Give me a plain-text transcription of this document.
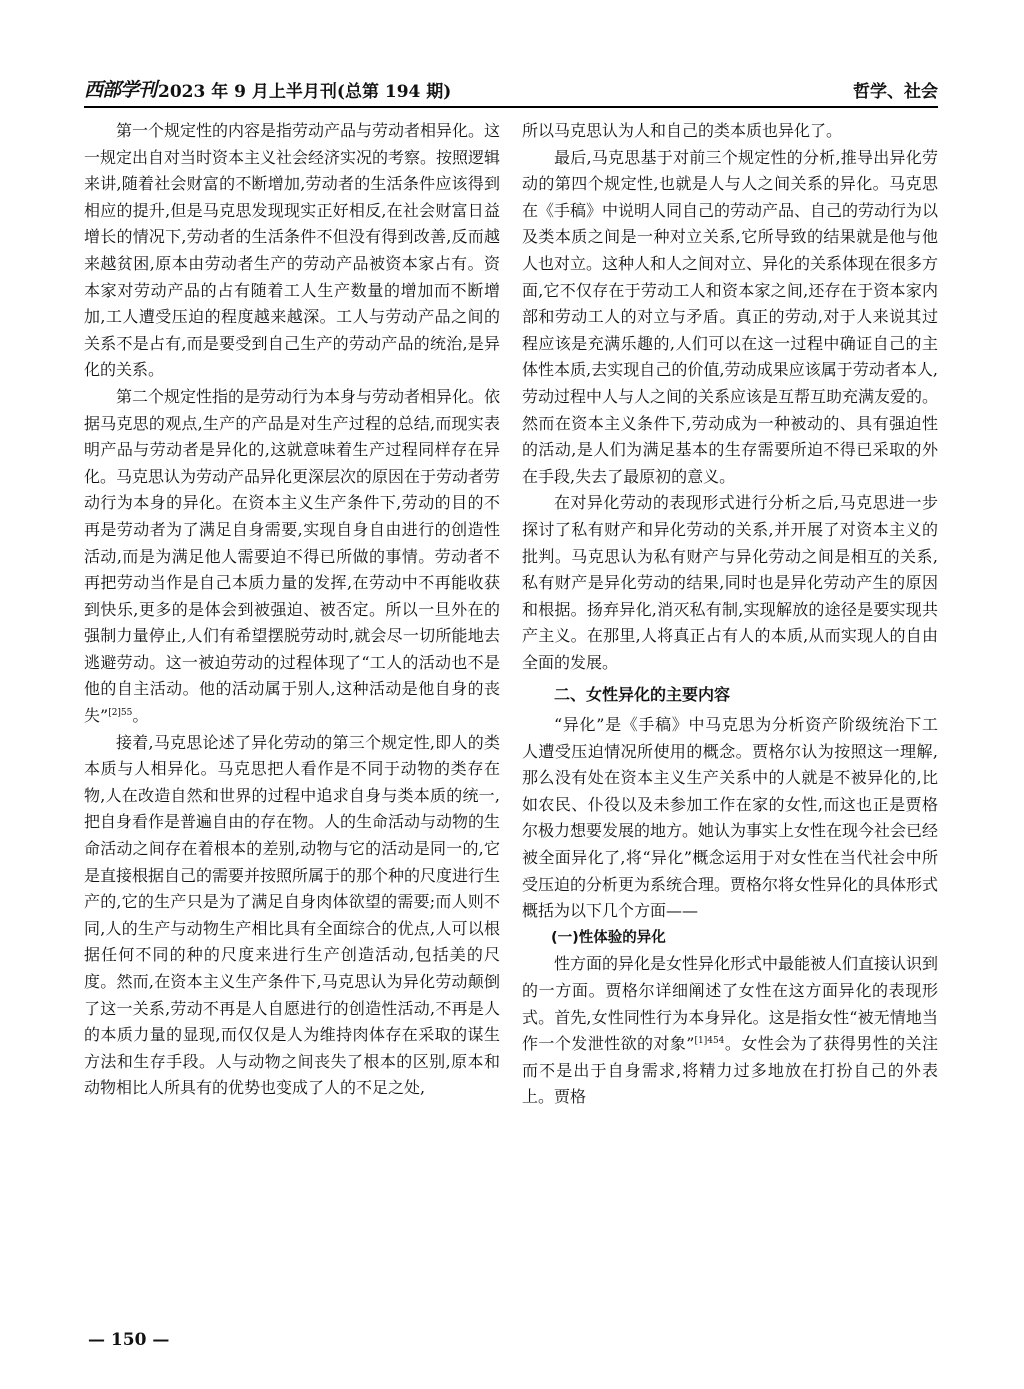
西部学刊 2023 年 9 月上半月刊(总第 194 期)	哲学、社会

第一个规定性的内容是指劳动产品与劳动者相异化。这一规定出自对当时资本主义社会经济实况的考察。按照逻辑来讲,随着社会财富的不断增加,劳动者的生活条件应该得到相应的提升,但是马克思发现现实正好相反,在社会财富日益增长的情况下,劳动者的生活条件不但没有得到改善,反而越来越贫困,原本由劳动者生产的劳动产品被资本家占有。资本家对劳动产品的占有随着工人生产数量的增加而不断增加,工人遭受压迫的程度越来越深。工人与劳动产品之间的关系不是占有,而是要受到自己生产的劳动产品的统治,是异化的关系。

第二个规定性指的是劳动行为本身与劳动者相异化。依据马克思的观点,生产的产品是对生产过程的总结,而现实表明产品与劳动者是异化的,这就意味着生产过程同样存在异化。马克思认为劳动产品异化更深层次的原因在于劳动者劳动行为本身的异化。在资本主义生产条件下,劳动的目的不再是劳动者为了满足自身需要,实现自身自由进行的创造性活动,而是为满足他人需要迫不得已所做的事情。劳动者不再把劳动当作是自己本质力量的发挥,在劳动中不再能收获到快乐,更多的是体会到被强迫、被否定。所以一旦外在的强制力量停止,人们有希望摆脱劳动时,就会尽一切所能地去逃避劳动。这一被迫劳动的过程体现了“工人的活动也不是他的自主活动。他的活动属于别人,这种活动是他自身的丧失”$^{[2]55}$。

接着,马克思论述了异化劳动的第三个规定性,即人的类本质与人相异化。马克思把人看作是不同于动物的类存在物,人在改造自然和世界的过程中追求自身与类本质的统一,把自身看作是普遍自由的存在物。人的生命活动与动物的生命活动之间存在着根本的差别,动物与它的活动是同一的,它是直接根据自己的需要并按照所属于的那个种的尺度进行生产的,它的生产只是为了满足自身肉体欲望的需要;而人则不同,人的生产与动物生产相比具有全面综合的优点,人可以根据任何不同的种的尺度来进行生产创造活动,包括美的尺度。然而,在资本主义生产条件下,马克思认为异化劳动颠倒了这一关系,劳动不再是人自愿进行的创造性活动,不再是人的本质力量的显现,而仅仅是人为维持肉体存在采取的谋生方法和生存手段。人与动物之间丧失了根本的区别,原本和动物相比人所具有的优势也变成了人的不足之处,

所以马克思认为人和自己的类本质也异化了。

最后,马克思基于对前三个规定性的分析,推导出异化劳动的第四个规定性,也就是人与人之间关系的异化。马克思在《手稿》中说明人同自己的劳动产品、自己的劳动行为以及类本质之间是一种对立关系,它所导致的结果就是他与他人也对立。这种人和人之间对立、异化的关系体现在很多方面,它不仅存在于劳动工人和资本家之间,还存在于资本家内部和劳动工人的对立与矛盾。真正的劳动,对于人来说其过程应该是充满乐趣的,人们可以在这一过程中确证自己的主体性本质,去实现自己的价值,劳动成果应该属于劳动者本人,劳动过程中人与人之间的关系应该是互帮互助充满友爱的。然而在资本主义条件下,劳动成为一种被动的、具有强迫性的活动,是人们为满足基本的生存需要所迫不得已采取的外在手段,失去了最原初的意义。

在对异化劳动的表现形式进行分析之后,马克思进一步探讨了私有财产和异化劳动的关系,并开展了对资本主义的批判。马克思认为私有财产与异化劳动之间是相互的关系,私有财产是异化劳动的结果,同时也是异化劳动产生的原因和根据。扬弃异化,消灭私有制,实现解放的途径是要实现共产主义。在那里,人将真正占有人的本质,从而实现人的自由全面的发展。

二、女性异化的主要内容

“异化”是《手稿》中马克思为分析资产阶级统治下工人遭受压迫情况所使用的概念。贾格尔认为按照这一理解,那么没有处在资本主义生产关系中的人就是不被异化的,比如农民、仆役以及未参加工作在家的女性,而这也正是贾格尔极力想要发展的地方。她认为事实上女性在现今社会已经被全面异化了,将“异化”概念运用于对女性在当代社会中所受压迫的分析更为系统合理。贾格尔将女性异化的具体形式概括为以下几个方面——

(一)性体验的异化

性方面的异化是女性异化形式中最能被人们直接认识到的一方面。贾格尔详细阐述了女性在这方面异化的表现形式。首先,女性同性行为本身异化。这是指女性“被无情地当作一个发泄性欲的对象”$^{[1]454}$。女性会为了获得男性的关注而不是出于自身需求,将精力过多地放在打扮自己的外表上。贾格

— 150 —
